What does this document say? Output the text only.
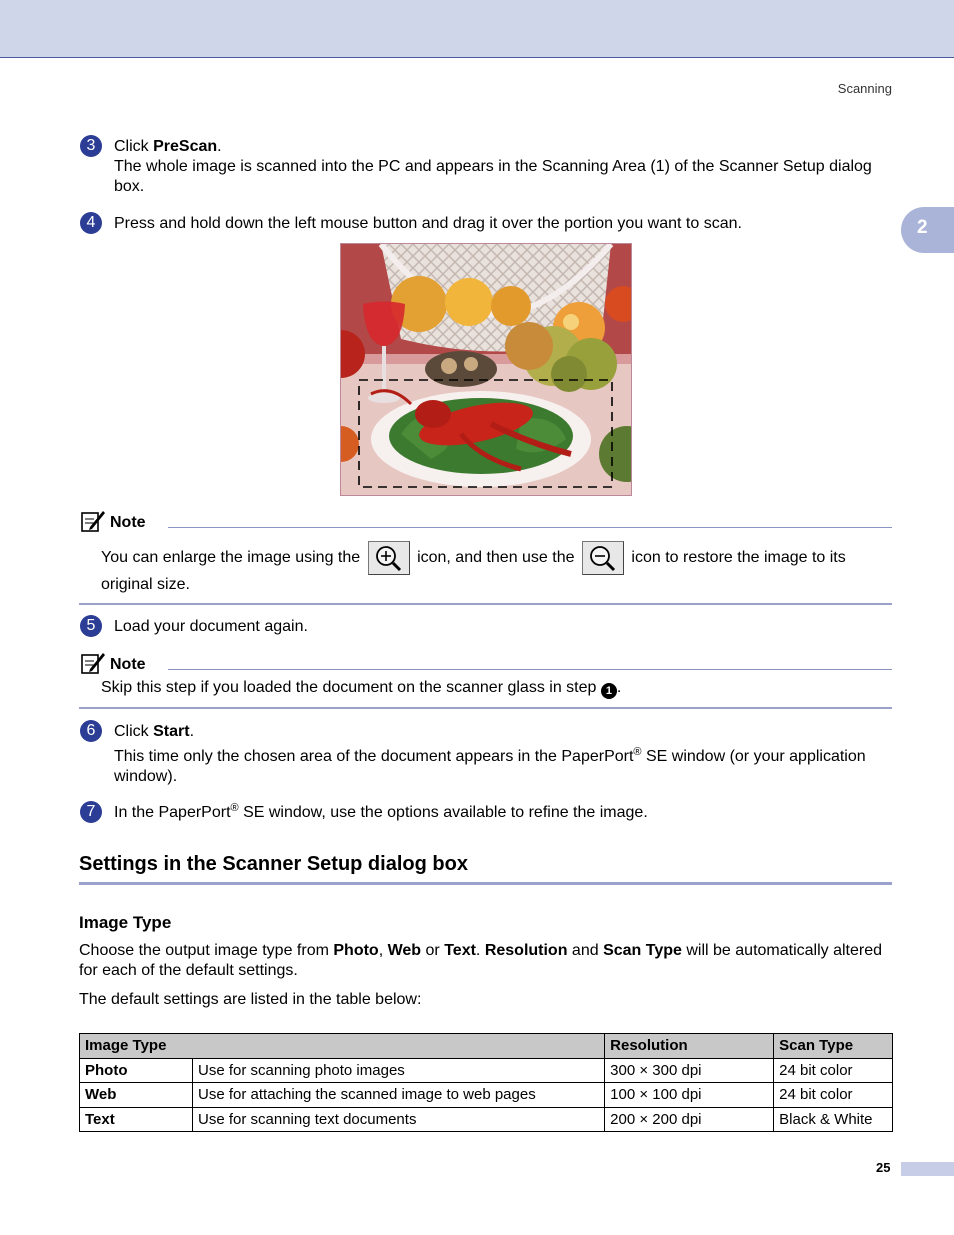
Scanning
2
3	Click PreScan.
The whole image is scanned into the PC and appears in the Scanning Area (1) of the Scanner Setup dialog box.
4	Press and hold down the left mouse button and drag it over the portion you want to scan.
Note
You can enlarge the image using the	icon, and then use the	icon to restore the image to its
original size.
5	Load your document again.
Note
Skip this step if you loaded the document on the scanner glass in step 1 .
6	Click Start.
This time only the chosen area of the document appears in the PaperPort® SE window (or your application window).
7	In the PaperPort® SE window, use the options available to refine the image.
Settings in the Scanner Setup dialog box
Image Type
Choose the output image type from Photo, Web or Text. Resolution and Scan Type will be automatically altered for each of the default settings.
The default settings are listed in the table below:
Image Type		Resolution	Scan Type
Photo	Use for scanning photo images	300 × 300 dpi	24 bit color
Web	Use for attaching the scanned image to web pages	100 × 100 dpi	24 bit color
Text	Use for scanning text documents	200 × 200 dpi	Black & White
25
